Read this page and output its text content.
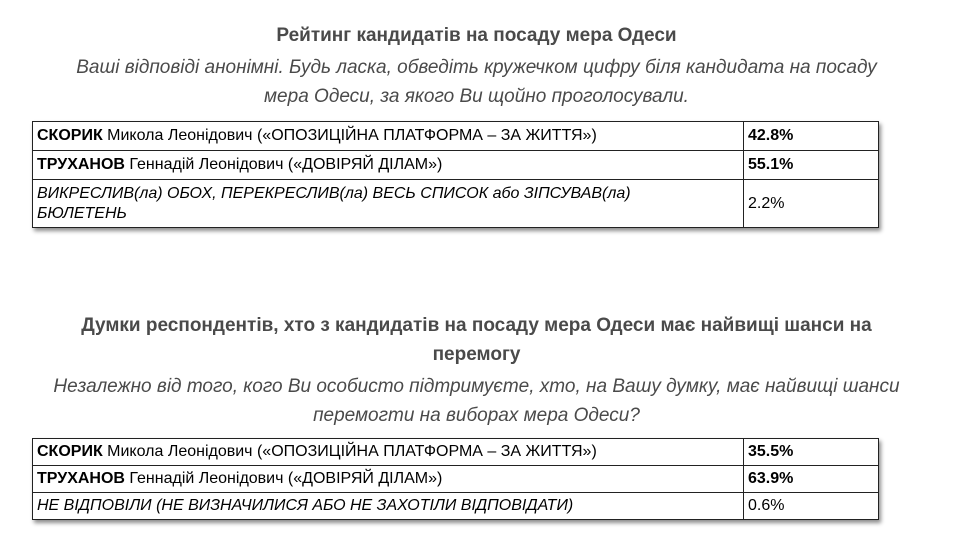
Рейтинг кандидатів на посаду мера Одеси
Ваші відповіді анонімні. Будь ласка, обведіть кружечком цифру біля кандидата на посаду
мера Одеси, за якого Ви щойно проголосували.
СКОРИК Микола Леонідович («ОПОЗИЦІЙНА ПЛАТФОРМА – ЗА ЖИТТЯ»)	42.8%
ТРУХАНОВ Геннадій Леонідович («ДОВІРЯЙ ДІЛАМ»)	55.1%

ВИКРЕСЛИВ(ла) ОБОХ, ПЕРЕКРЕСЛИВ(ла) ВЕСЬ СПИСОК або ЗІПСУВАВ(ла)
БЮЛЕТЕНЬ	2.2%
Думки респондентів, хто з кандидатів на посаду мера Одеси має найвищі шанси на
перемогу
Незалежно від того, кого Ви особисто підтримуєте, хто, на Вашу думку, має найвищі шанси
перемогти на виборах мера Одеси?
СКОРИК Микола Леонідович («ОПОЗИЦІЙНА ПЛАТФОРМА – ЗА ЖИТТЯ»)	35.5%
ТРУХАНОВ Геннадій Леонідович («ДОВІРЯЙ ДІЛАМ»)	63.9%
НЕ ВІДПОВІЛИ (НЕ ВИЗНАЧИЛИСЯ АБО НЕ ЗАХОТІЛИ ВІДПОВІДАТИ)	0.6%
